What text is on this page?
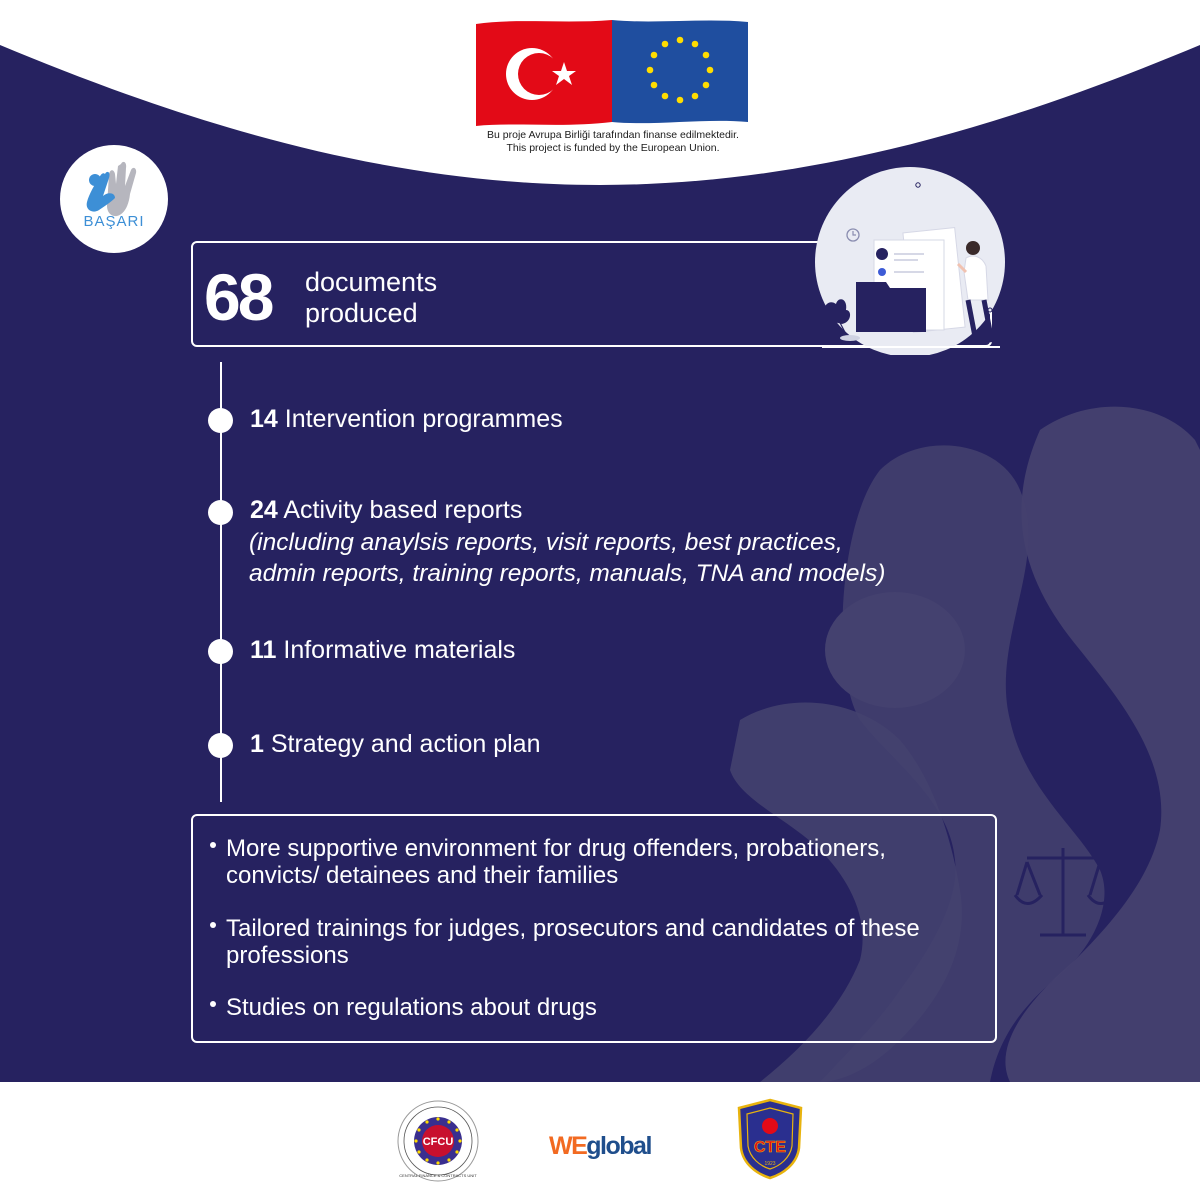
Bu proje Avrupa Birliği tarafından finanse edilmektedir.
This project is funded by the European Union.
BAŞARI
68 documents
produced
14 Intervention programmes
24 Activity based reports
(including anaylsis reports, visit reports, best practices,
admin reports, training reports, manuals, TNA and models)
11 Informative materials
1 Strategy and action plan
More supportive environment for drug offenders, probationers,
convicts/ detainees and their families
Tailored trainings for judges, prosecutors and candidates of these
professions
Studies on regulations about drugs
CFCU
CENTRAL FINANCE & CONTRACTS UNIT
WEglobal	CTE
1923
